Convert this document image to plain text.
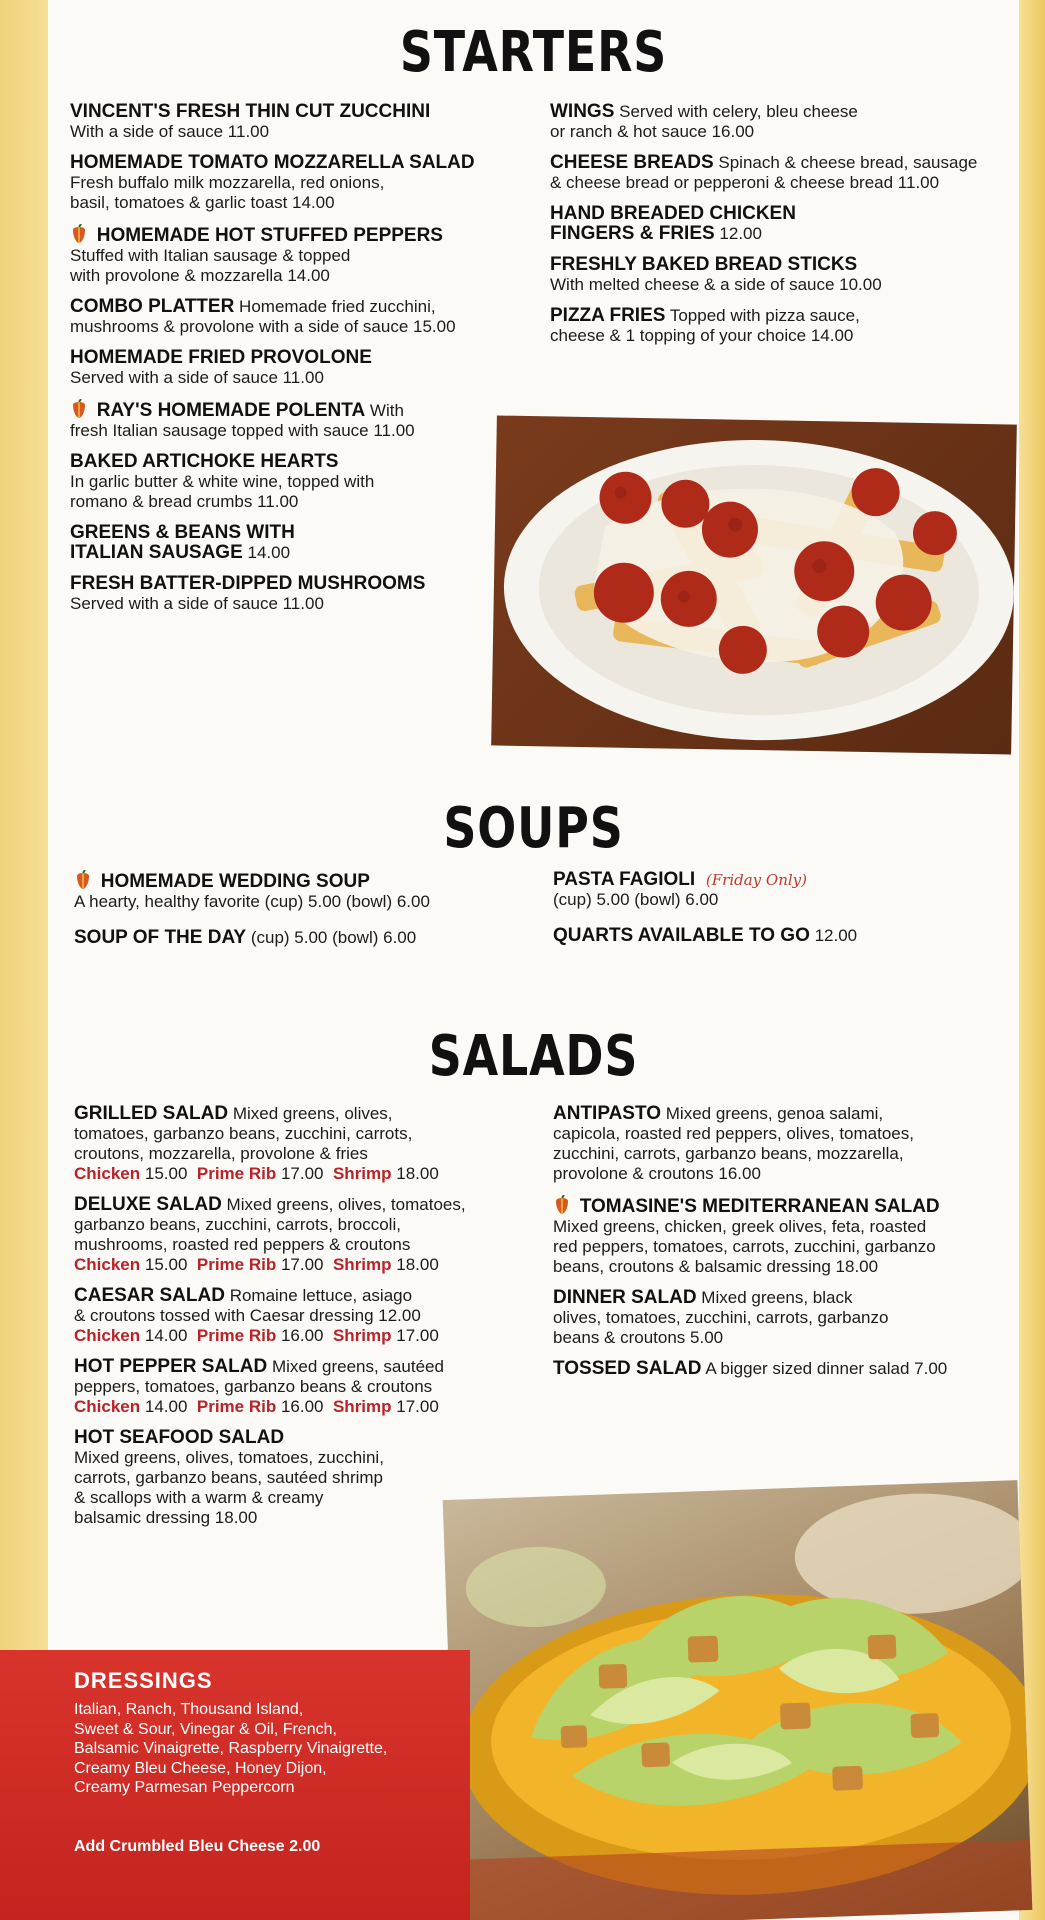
STARTERS
VINCENT'S FRESH THIN CUT ZUCCHINI
With a side of sauce 11.00
HOMEMADE TOMATO MOZZARELLA SALAD
Fresh buffalo milk mozzarella, red onions,
basil, tomatoes & garlic toast 14.00
HOMEMADE HOT STUFFED PEPPERS
Stuffed with Italian sausage & topped
with provolone & mozzarella 14.00
COMBO PLATTER Homemade fried zucchini,
mushrooms & provolone with a side of sauce 15.00
HOMEMADE FRIED PROVOLONE
Served with a side of sauce 11.00
RAY'S HOMEMADE POLENTA With
fresh Italian sausage topped with sauce 11.00
BAKED ARTICHOKE HEARTS
In garlic butter & white wine, topped with
romano & bread crumbs 11.00
GREENS & BEANS WITH
ITALIAN SAUSAGE 14.00
FRESH BATTER-DIPPED MUSHROOMS
Served with a side of sauce 11.00
WINGS Served with celery, bleu cheese
or ranch & hot sauce 16.00
CHEESE BREADS Spinach & cheese bread, sausage
& cheese bread or pepperoni & cheese bread 11.00
HAND BREADED CHICKEN
FINGERS & FRIES 12.00
FRESHLY BAKED BREAD STICKS
With melted cheese & a side of sauce 10.00
PIZZA FRIES Topped with pizza sauce,
cheese & 1 topping of your choice 14.00
SOUPS
HOMEMADE WEDDING SOUP
A hearty, healthy favorite (cup) 5.00 (bowl) 6.00
SOUP OF THE DAY (cup) 5.00 (bowl) 6.00
PASTA FAGIOLI (Friday Only)
(cup) 5.00 (bowl) 6.00
QUARTS AVAILABLE TO GO 12.00
SALADS
GRILLED SALAD Mixed greens, olives,
tomatoes, garbanzo beans, zucchini, carrots,
croutons, mozzarella, provolone & fries
Chicken 15.00 Prime Rib 17.00 Shrimp 18.00
DELUXE SALAD Mixed greens, olives, tomatoes,
garbanzo beans, zucchini, carrots, broccoli,
mushrooms, roasted red peppers & croutons
Chicken 15.00 Prime Rib 17.00 Shrimp 18.00
CAESAR SALAD Romaine lettuce, asiago
& croutons tossed with Caesar dressing 12.00
Chicken 14.00 Prime Rib 16.00 Shrimp 17.00
HOT PEPPER SALAD Mixed greens, sautéed
peppers, tomatoes, garbanzo beans & croutons
Chicken 14.00 Prime Rib 16.00 Shrimp 17.00
HOT SEAFOOD SALAD
Mixed greens, olives, tomatoes, zucchini,
carrots, garbanzo beans, sautéed shrimp
& scallops with a warm & creamy
balsamic dressing 18.00
ANTIPASTO Mixed greens, genoa salami,
capicola, roasted red peppers, olives, tomatoes,
zucchini, carrots, garbanzo beans, mozzarella,
provolone & croutons 16.00
TOMASINE'S MEDITERRANEAN SALAD
Mixed greens, chicken, greek olives, feta, roasted
red peppers, tomatoes, carrots, zucchini, garbanzo
beans, croutons & balsamic dressing 18.00
DINNER SALAD Mixed greens, black
olives, tomatoes, zucchini, carrots, garbanzo
beans & croutons 5.00
TOSSED SALAD A bigger sized dinner salad 7.00
DRESSINGS
Italian, Ranch, Thousand Island,
Sweet & Sour, Vinegar & Oil, French,
Balsamic Vinaigrette, Raspberry Vinaigrette,
Creamy Bleu Cheese, Honey Dijon,
Creamy Parmesan Peppercorn
Add Crumbled Bleu Cheese 2.00
